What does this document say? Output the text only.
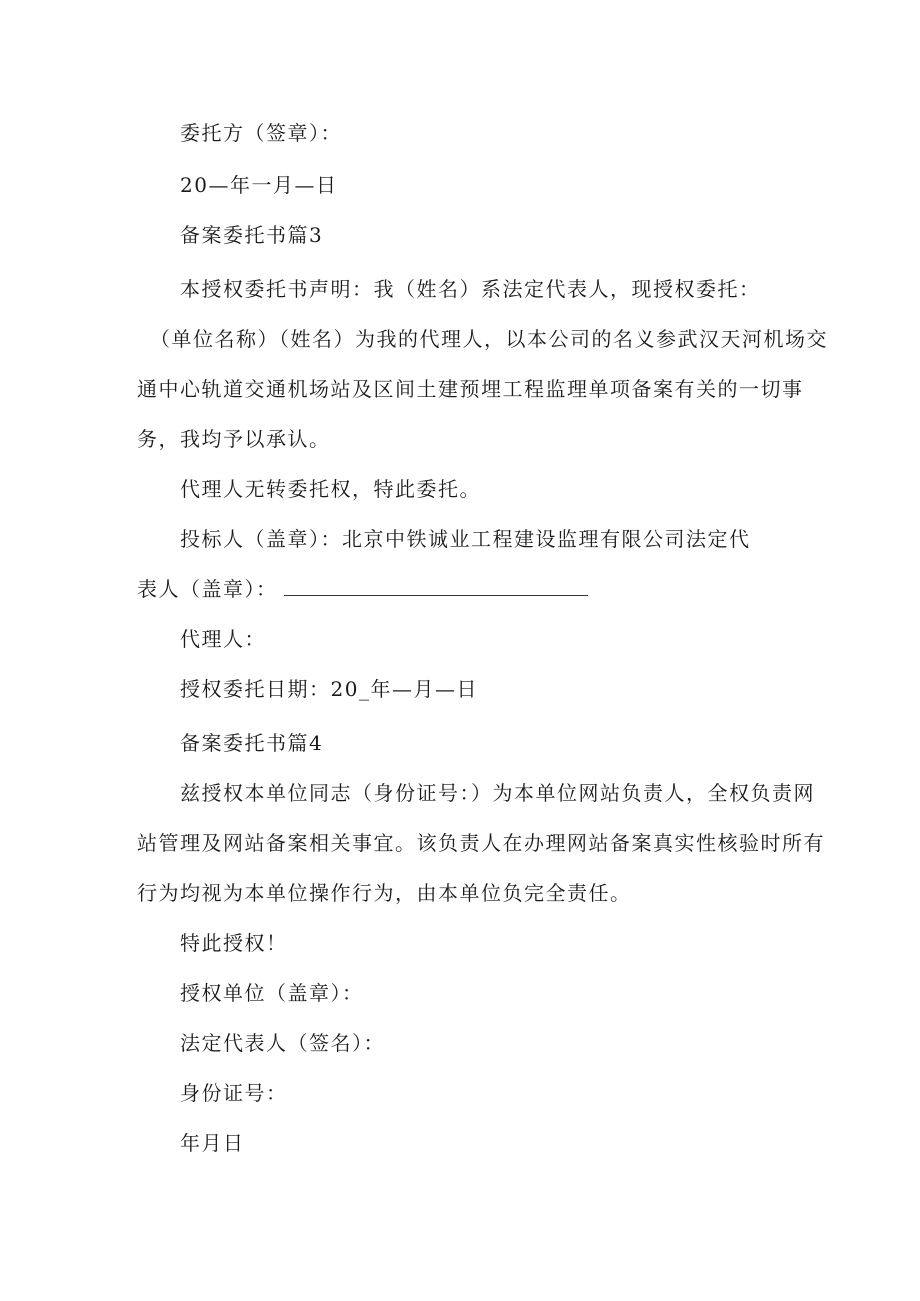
委托方（签章）：
20—年一月—日
备案委托书篇3
本授权委托书声明：我（姓名）系法定代表人，现授权委托：
（单位名称）（姓名）为我的代理人，以本公司的名义参武汉天河机场交
通中心轨道交通机场站及区间土建预埋工程监理单项备案有关的一切事
务，我均予以承认。
代理人无转委托权，特此委托。
投标人（盖章）：北京中铁诚业工程建设监理有限公司法定代
表人（盖章）：
代理人：
授权委托日期：20_年—月—日
备案委托书篇4
兹授权本单位同志（身份证号：）为本单位网站负责人，全权负责网
站管理及网站备案相关事宜。该负责人在办理网站备案真实性核验时所有
行为均视为本单位操作行为，由本单位负完全责任。
特此授权！
授权单位（盖章）：
法定代表人（签名）：
身份证号：
年月日
